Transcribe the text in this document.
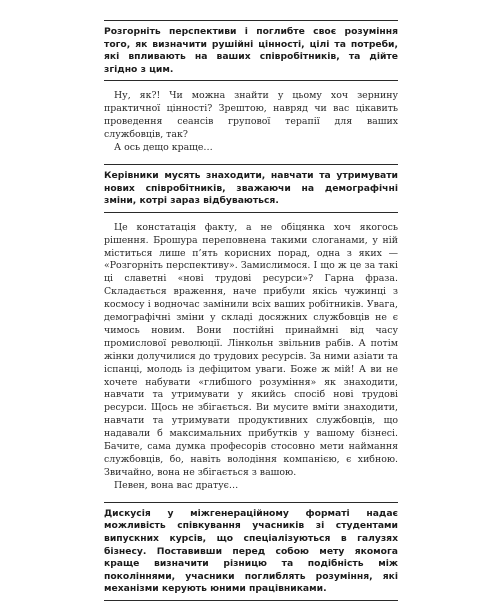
Розгорніть перспективи і поглибте своє розуміння того, як визначити рушійні цінності, цілі та потреби, які впливають на ваших співробітників, та дійте згідно з цим.

Ну, як?! Чи можна знайти у цьому хоч зернину практичної цінності? Зрештою, навряд чи вас цікавить проведення сеансів групової терапії для ваших службовців, так?

А ось дещо краще…

Керівники мусять знаходити, навчати та утримувати нових співробітників, зважаючи на демографічні зміни, котрі зараз відбуваються.

Це констатація факту, а не обіцянка хоч якогось рішення. Брошура переповнена такими слоганами, у ній міститься лише п’ять корисних порад, одна з яких — «Розгорніть перспективу». Замислимося. І що ж це за такі ці славетні «нові трудові ресурси»? Гарна фраза. Складається враження, наче прибули якісь чужинці з космосу і водночас замінили всіх ваших робітників. Увага, демографічні зміни у складі досяжних службовців не є чимось новим. Вони постійні принаймні від часу промислової революції. Лінкольн звільнив рабів. А потім жінки долучилися до трудових ресурсів. За ними азіати та іспанці, молодь із дефіцитом уваги. Боже ж мій! А ви не хочете набувати «глибшого розуміння» як знаходити, навчати та утримувати у якийсь спосіб нові трудові ресурси. Щось не збігається. Ви мусите вміти знаходити, навчати та утримувати продуктивних службовців, що надавали б максимальних прибутків у вашому бізнесі. Бачите, сама думка професорів стосовно мети наймання службовців, бо, навіть володіння компанією, є хибною. Звичайно, вона не збігається з вашою.

Певен, вона вас дратує…

Дискусія у міжгенераційному форматі надає можливість співкування учасників зі студентами випускних курсів, що спеціалізуються в галузях бізнесу. Поставивши перед собою мету якомога краще визначити різницю та подібність між поколіннями, учасники поглиблять розуміння, які механізми керують юними працівниками.
